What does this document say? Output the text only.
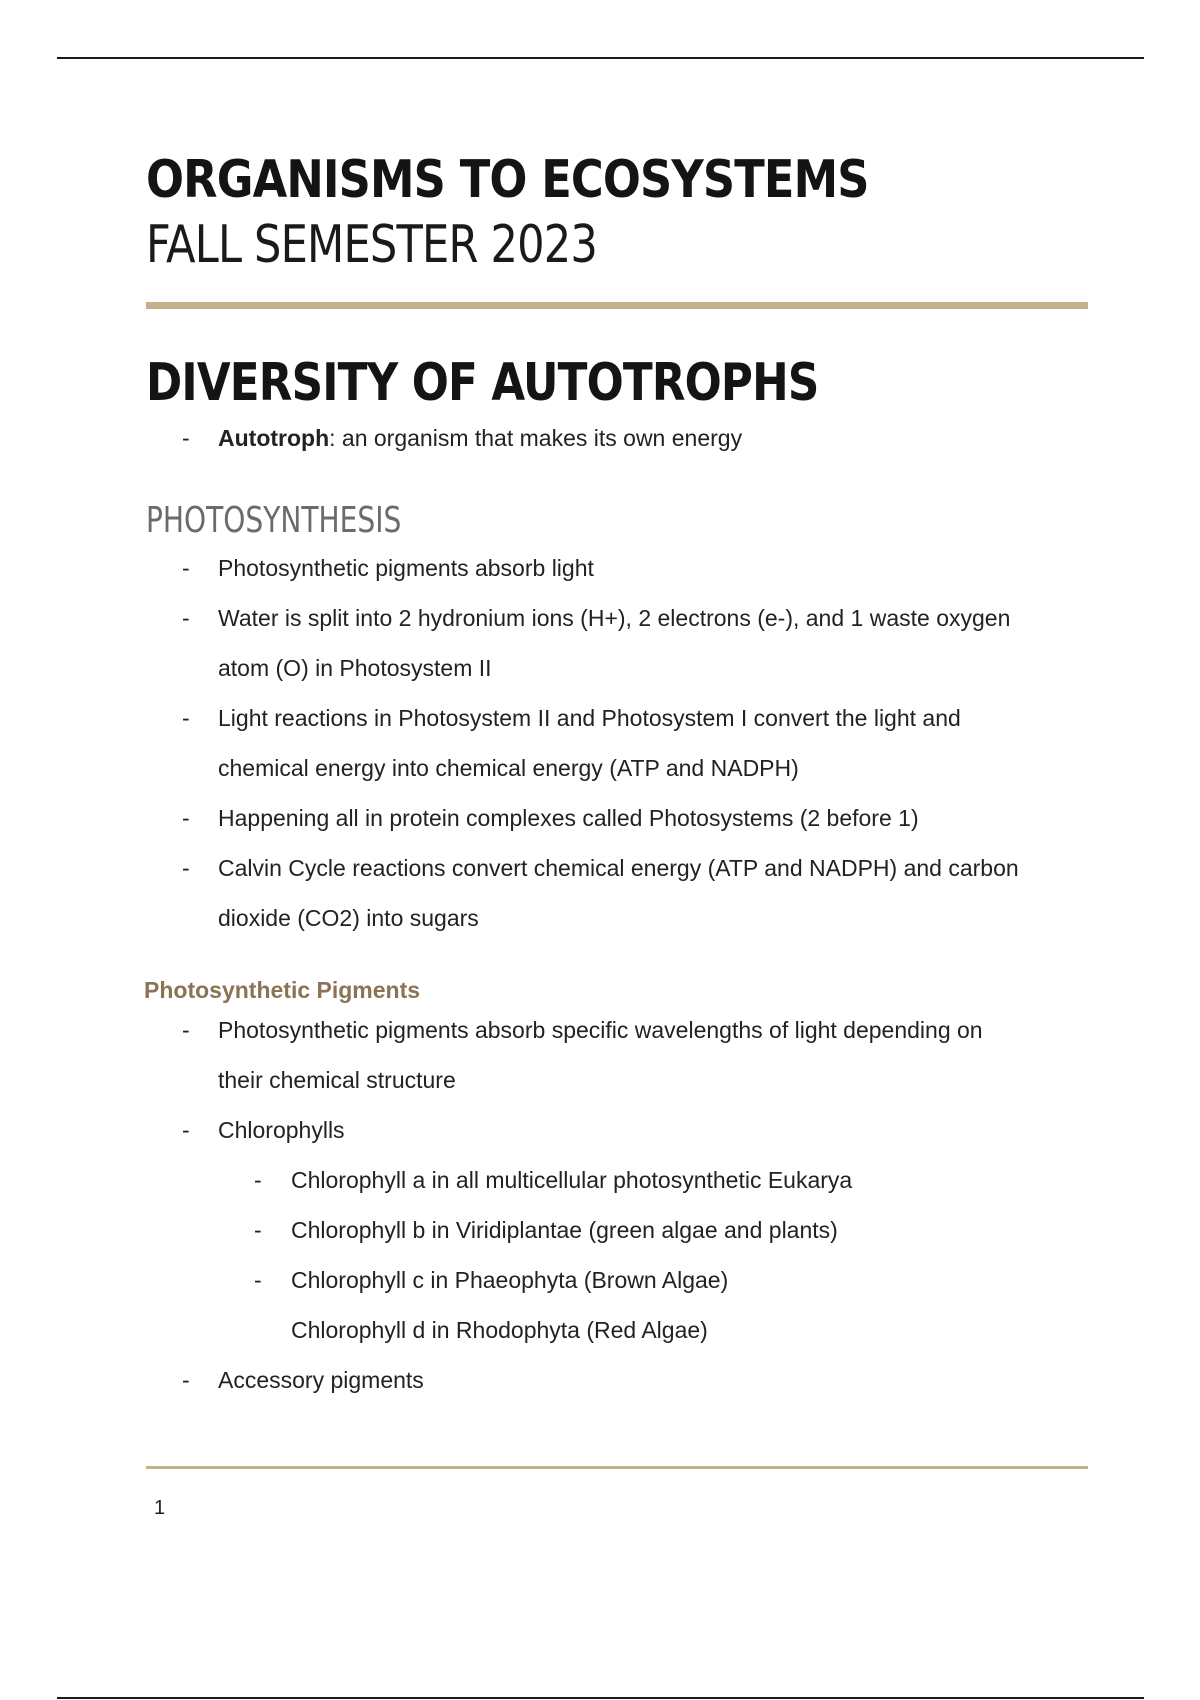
ORGANISMS TO ECOSYSTEMS
FALL SEMESTER 2023
DIVERSITY OF AUTOTROPHS
- Autotroph: an organism that makes its own energy
PHOTOSYNTHESIS
- Photosynthetic pigments absorb light
- Water is split into 2 hydronium ions (H+), 2 electrons (e-), and 1 waste oxygen
atom (O) in Photosystem II
- Light reactions in Photosystem II and Photosystem I convert the light and
chemical energy into chemical energy (ATP and NADPH)
- Happening all in protein complexes called Photosystems (2 before 1)
- Calvin Cycle reactions convert chemical energy (ATP and NADPH) and carbon
dioxide (CO2) into sugars
Photosynthetic Pigments
- Photosynthetic pigments absorb specific wavelengths of light depending on
their chemical structure
- Chlorophylls
- Chlorophyll a in all multicellular photosynthetic Eukarya
- Chlorophyll b in Viridiplantae (green algae and plants)
- Chlorophyll c in Phaeophyta (Brown Algae)
Chlorophyll d in Rhodophyta (Red Algae)
- Accessory pigments
1
